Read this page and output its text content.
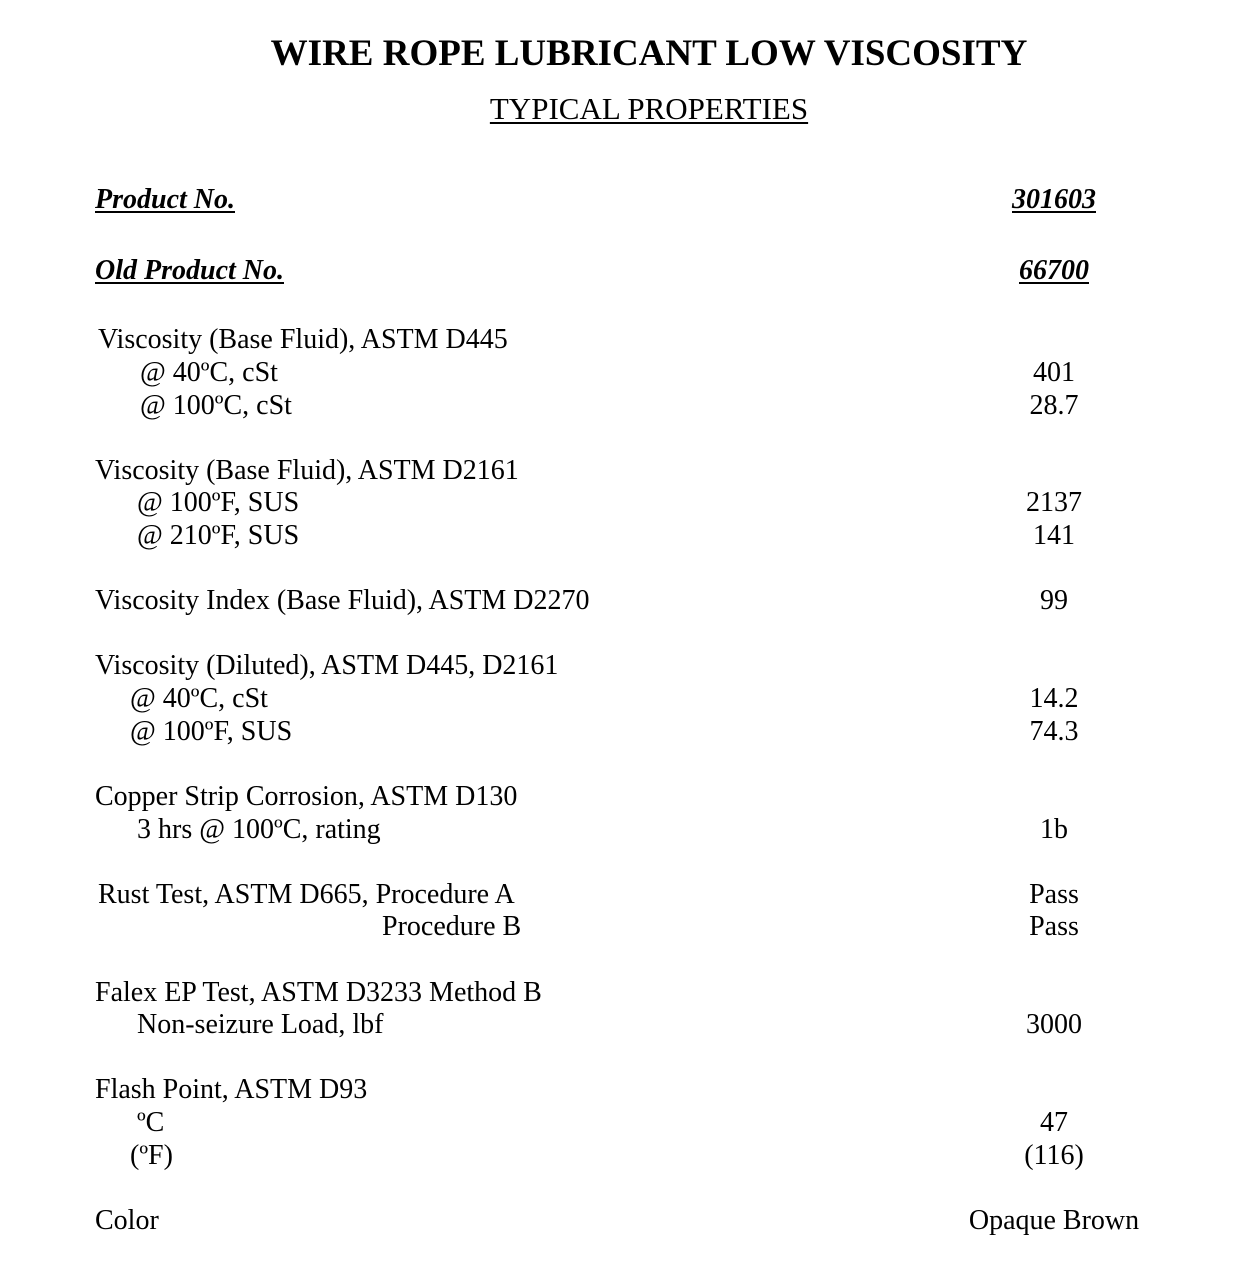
WIRE ROPE LUBRICANT LOW VISCOSITY
TYPICAL PROPERTIES
Product No.	301603
Old Product No.	66700
Viscosity (Base Fluid), ASTM D445
@ 40ºC, cSt	401
@ 100ºC, cSt	28.7
Viscosity (Base Fluid), ASTM D2161
@ 100ºF, SUS	2137
@ 210ºF, SUS	141
Viscosity Index (Base Fluid), ASTM D2270	99
Viscosity (Diluted), ASTM D445, D2161
@ 40ºC, cSt	14.2
@ 100ºF, SUS	74.3
Copper Strip Corrosion, ASTM D130
3 hrs @ 100ºC, rating	1b
Rust Test, ASTM D665, Procedure A	Pass
Procedure B	Pass
Falex EP Test, ASTM D3233 Method B
Non-seizure Load, lbf	3000
Flash Point, ASTM D93
ºC	47
(ºF)	(116)
Color	Opaque Brown
